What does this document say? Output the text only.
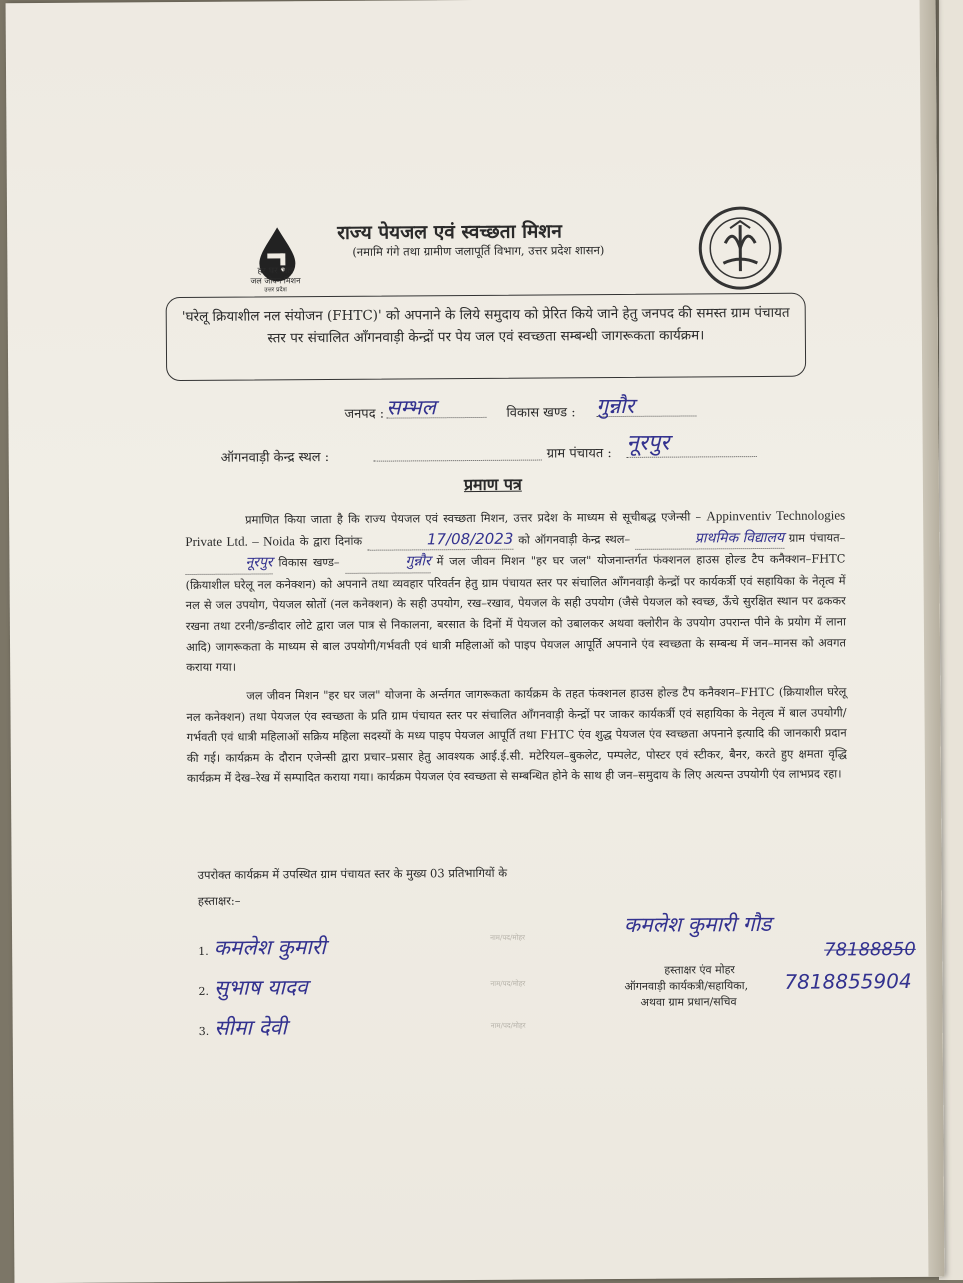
हर घर जल
जल जीवन मिशन
उत्तर प्रदेश
राज्य पेयजल एवं स्वच्छता मिशन
(नमामि गंगे तथा ग्रामीण जलापूर्ति विभाग, उत्तर प्रदेश शासन)
'घरेलू क्रियाशील नल संयोजन (FHTC)' को अपनाने के लिये समुदाय को प्रेरित किये जाने हेतु जनपद की समस्त ग्राम पंचायत स्तर पर संचालित आँगनवाड़ी केन्द्रों पर पेय जल एवं स्वच्छता सम्बन्धी जागरूकता कार्यक्रम।
जनपद : सम्भल	विकास खण्ड : गुन्नौर
ऑगनवाड़ी केन्द्र स्थल :	ग्राम पंचायत : नूरपुर
प्रमाण पत्र
प्रमाणित किया जाता है कि राज्य पेयजल एवं स्वच्छता मिशन, उत्तर प्रदेश के माध्यम से सूचीबद्ध एजेन्सी – Appinventiv Technologies Private Ltd. – Noida के द्वारा दिनांक	17/08/2023 को ऑगनवाड़ी केन्द्र स्थल–	प्राथमिक विद्यालय ग्राम पंचायत– नूरपुर विकास खण्ड–	गुन्नौर में जल जीवन मिशन "हर घर जल" योजनान्तर्गत फंक्शनल हाउस होल्ड टैप कनैक्शन–FHTC (क्रियाशील घरेलू नल कनेक्शन) को अपनाने तथा व्यवहार परिवर्तन हेतु ग्राम पंचायत स्तर पर संचालित आँगनवाड़ी केन्द्रों पर कार्यकर्त्री एवं सहायिका के नेतृत्व में नल से जल उपयोग, पेयजल स्रोतों (नल कनेक्शन) के सही उपयोग, रख–रखाव, पेयजल के सही उपयोग (जैसे पेयजल को स्वच्छ, ऊँचे सुरक्षित स्थान पर ढककर रखना तथा टरनी/डन्डीदार लोटे द्वारा जल पात्र से निकालना, बरसात के दिनों में पेयजल को उबालकर अथवा क्लोरीन के उपयोग उपरान्त पीने के प्रयोग में लाना आदि) जागरूकता के माध्यम से बाल उपयोगी/गर्भवती एवं धात्री महिलाओं को पाइप पेयजल आपूर्ति अपनाने एंव स्वच्छता के सम्बन्ध में जन–मानस को अवगत कराया गया।
जल जीवन मिशन "हर घर जल" योजना के अर्न्तगत जागरूकता कार्यक्रम के तहत फंक्शनल हाउस होल्ड टैप कनैक्शन–FHTC (क्रियाशील घरेलू नल कनेक्शन) तथा पेयजल एंव स्वच्छता के प्रति ग्राम पंचायत स्तर पर संचालित आँगनवाड़ी केन्द्रों पर जाकर कार्यकर्त्री एवं सहायिका के नेतृत्व में बाल उपयोगी/गर्भवती एवं धात्री महिलाओं सक्रिय महिला सदस्यों के मध्य पाइप पेयजल आपूर्ति तथा FHTC एंव शुद्ध पेयजल एंव स्वच्छता अपनाने इत्यादि की जानकारी प्रदान की गई। कार्यक्रम के दौरान एजेन्सी द्वारा प्रचार–प्रसार हेतु आवश्यक आई.ई.सी. मटेरियल–बुकलेट, पम्पलेट, पोस्टर एवं स्टीकर, बैनर, करते हुए क्षमता वृद्धि कार्यक्रम मेंं देख–रेख में सम्पादित कराया गया। कार्यक्रम पेयजल एंव स्वच्छता से सम्बन्धित होने के साथ ही जन–समुदाय के लिए अत्यन्त उपयोगी एंव लाभप्रद रहा।
उपरोक्त कार्यक्रम में उपस्थित ग्राम पंचायत स्तर के मुख्य 03 प्रतिभागियों के
हस्ताक्षर:–
1. कमलेश कुमारी	नाम/पद/मोहर
2. सुभाष यादव	नाम/पद/मोहर
3. सीमा देवी	नाम/पद/मोहर
कमलेश कुमारी गौड
78188850
हस्ताक्षर एंव मोहर
ऑगनवाड़ी कार्यकत्री/सहायिका, 7818855904
अथवा ग्राम प्रधान/सचिव
